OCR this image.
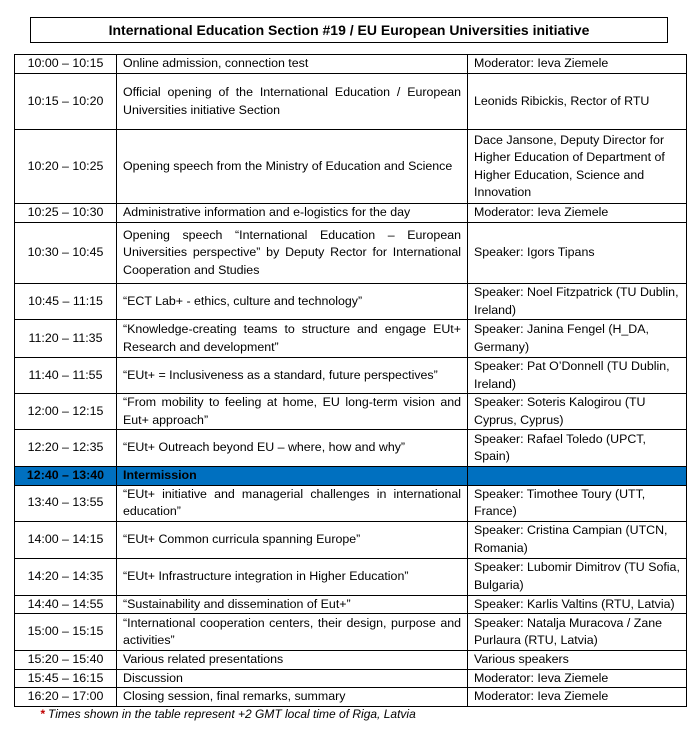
International Education Section #19 / EU European Universities initiative
10:00 – 10:15	Online admission, connection test	Moderator: Ieva Ziemele
10:15 – 10:20	Official opening of the International Education / European Universities initiative Section	Leonids Ribickis, Rector of RTU
10:20 – 10:25	Opening speech from the Ministry of Education and Science	Dace Jansone, Deputy Director for Higher Education of Department of Higher Education, Science and Innovation
10:25 – 10:30	Administrative information and e-logistics for the day	Moderator: Ieva Ziemele
10:30 – 10:45	Opening speech “International Education – European Universities perspective” by Deputy Rector for International Cooperation and Studies	Speaker: Igors Tipans
10:45 – 11:15	“ECT Lab+ - ethics, culture and technology”	Speaker: Noel Fitzpatrick (TU Dublin, Ireland)
11:20 – 11:35	“Knowledge-creating teams to structure and engage EUt+ Research and development”	Speaker: Janina Fengel (H_DA, Germany)
11:40 – 11:55	“EUt+ = Inclusiveness as a standard, future perspectives”	Speaker: Pat O’Donnell (TU Dublin, Ireland)
12:00 – 12:15	“From mobility to feeling at home, EU long-term vision and Eut+ approach”	Speaker: Soteris Kalogirou (TU Cyprus, Cyprus)
12:20 – 12:35	“EUt+ Outreach beyond EU – where, how and why”	Speaker: Rafael Toledo (UPCT, Spain)
12:40 – 13:40	Intermission	
13:40 – 13:55	“EUt+ initiative and managerial challenges in international education”	Speaker: Timothee Toury (UTT, France)
14:00 – 14:15	“EUt+ Common curricula spanning Europe”	Speaker: Cristina Campian (UTCN, Romania)
14:20 – 14:35	“EUt+ Infrastructure integration in Higher Education”	Speaker: Lubomir Dimitrov (TU Sofia, Bulgaria)
14:40 – 14:55	“Sustainability and dissemination of Eut+”	Speaker: Karlis Valtins (RTU, Latvia)
15:00 – 15:15	“International cooperation centers, their design, purpose and activities”	Speaker: Natalja Muracova / Zane Purlaura (RTU, Latvia)
15:20 – 15:40	Various related presentations	Various speakers
15:45 – 16:15	Discussion	Moderator: Ieva Ziemele
16:20 – 17:00	Closing session, final remarks, summary	Moderator: Ieva Ziemele
* Times shown in the table represent +2 GMT local time of Riga, Latvia
